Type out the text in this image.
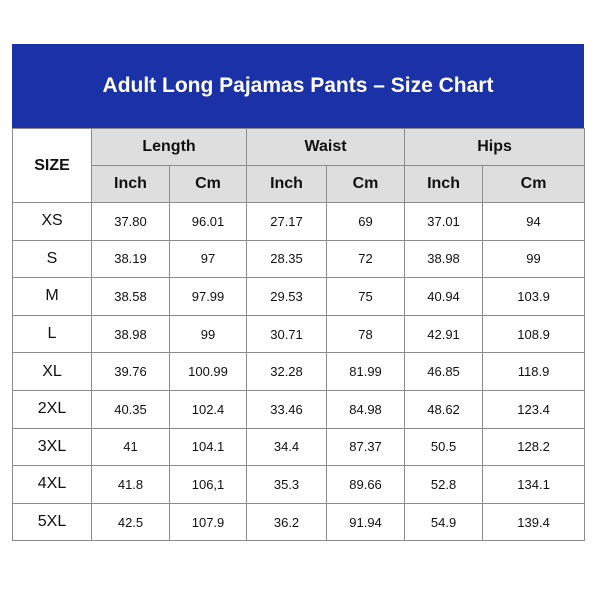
Adult Long Pajamas Pants – Size Chart
SIZE	Length		Waist		Hips	
	Inch	Cm	Inch	Cm	Inch	Cm
XS	37.80	96.01	27.17	69	37.01	94
S	38.19	97	28.35	72	38.98	99
M	38.58	97.99	29.53	75	40.94	103.9
L	38.98	99	30.71	78	42.91	108.9
XL	39.76	100.99	32.28	81.99	46.85	118.9
2XL	40.35	102.4	33.46	84.98	48.62	123.4
3XL	41	104.1	34.4	87.37	50.5	128.2
4XL	41.8	106,1	35.3	89.66	52.8	134.1
5XL	42.5	107.9	36.2	91.94	54.9	139.4
